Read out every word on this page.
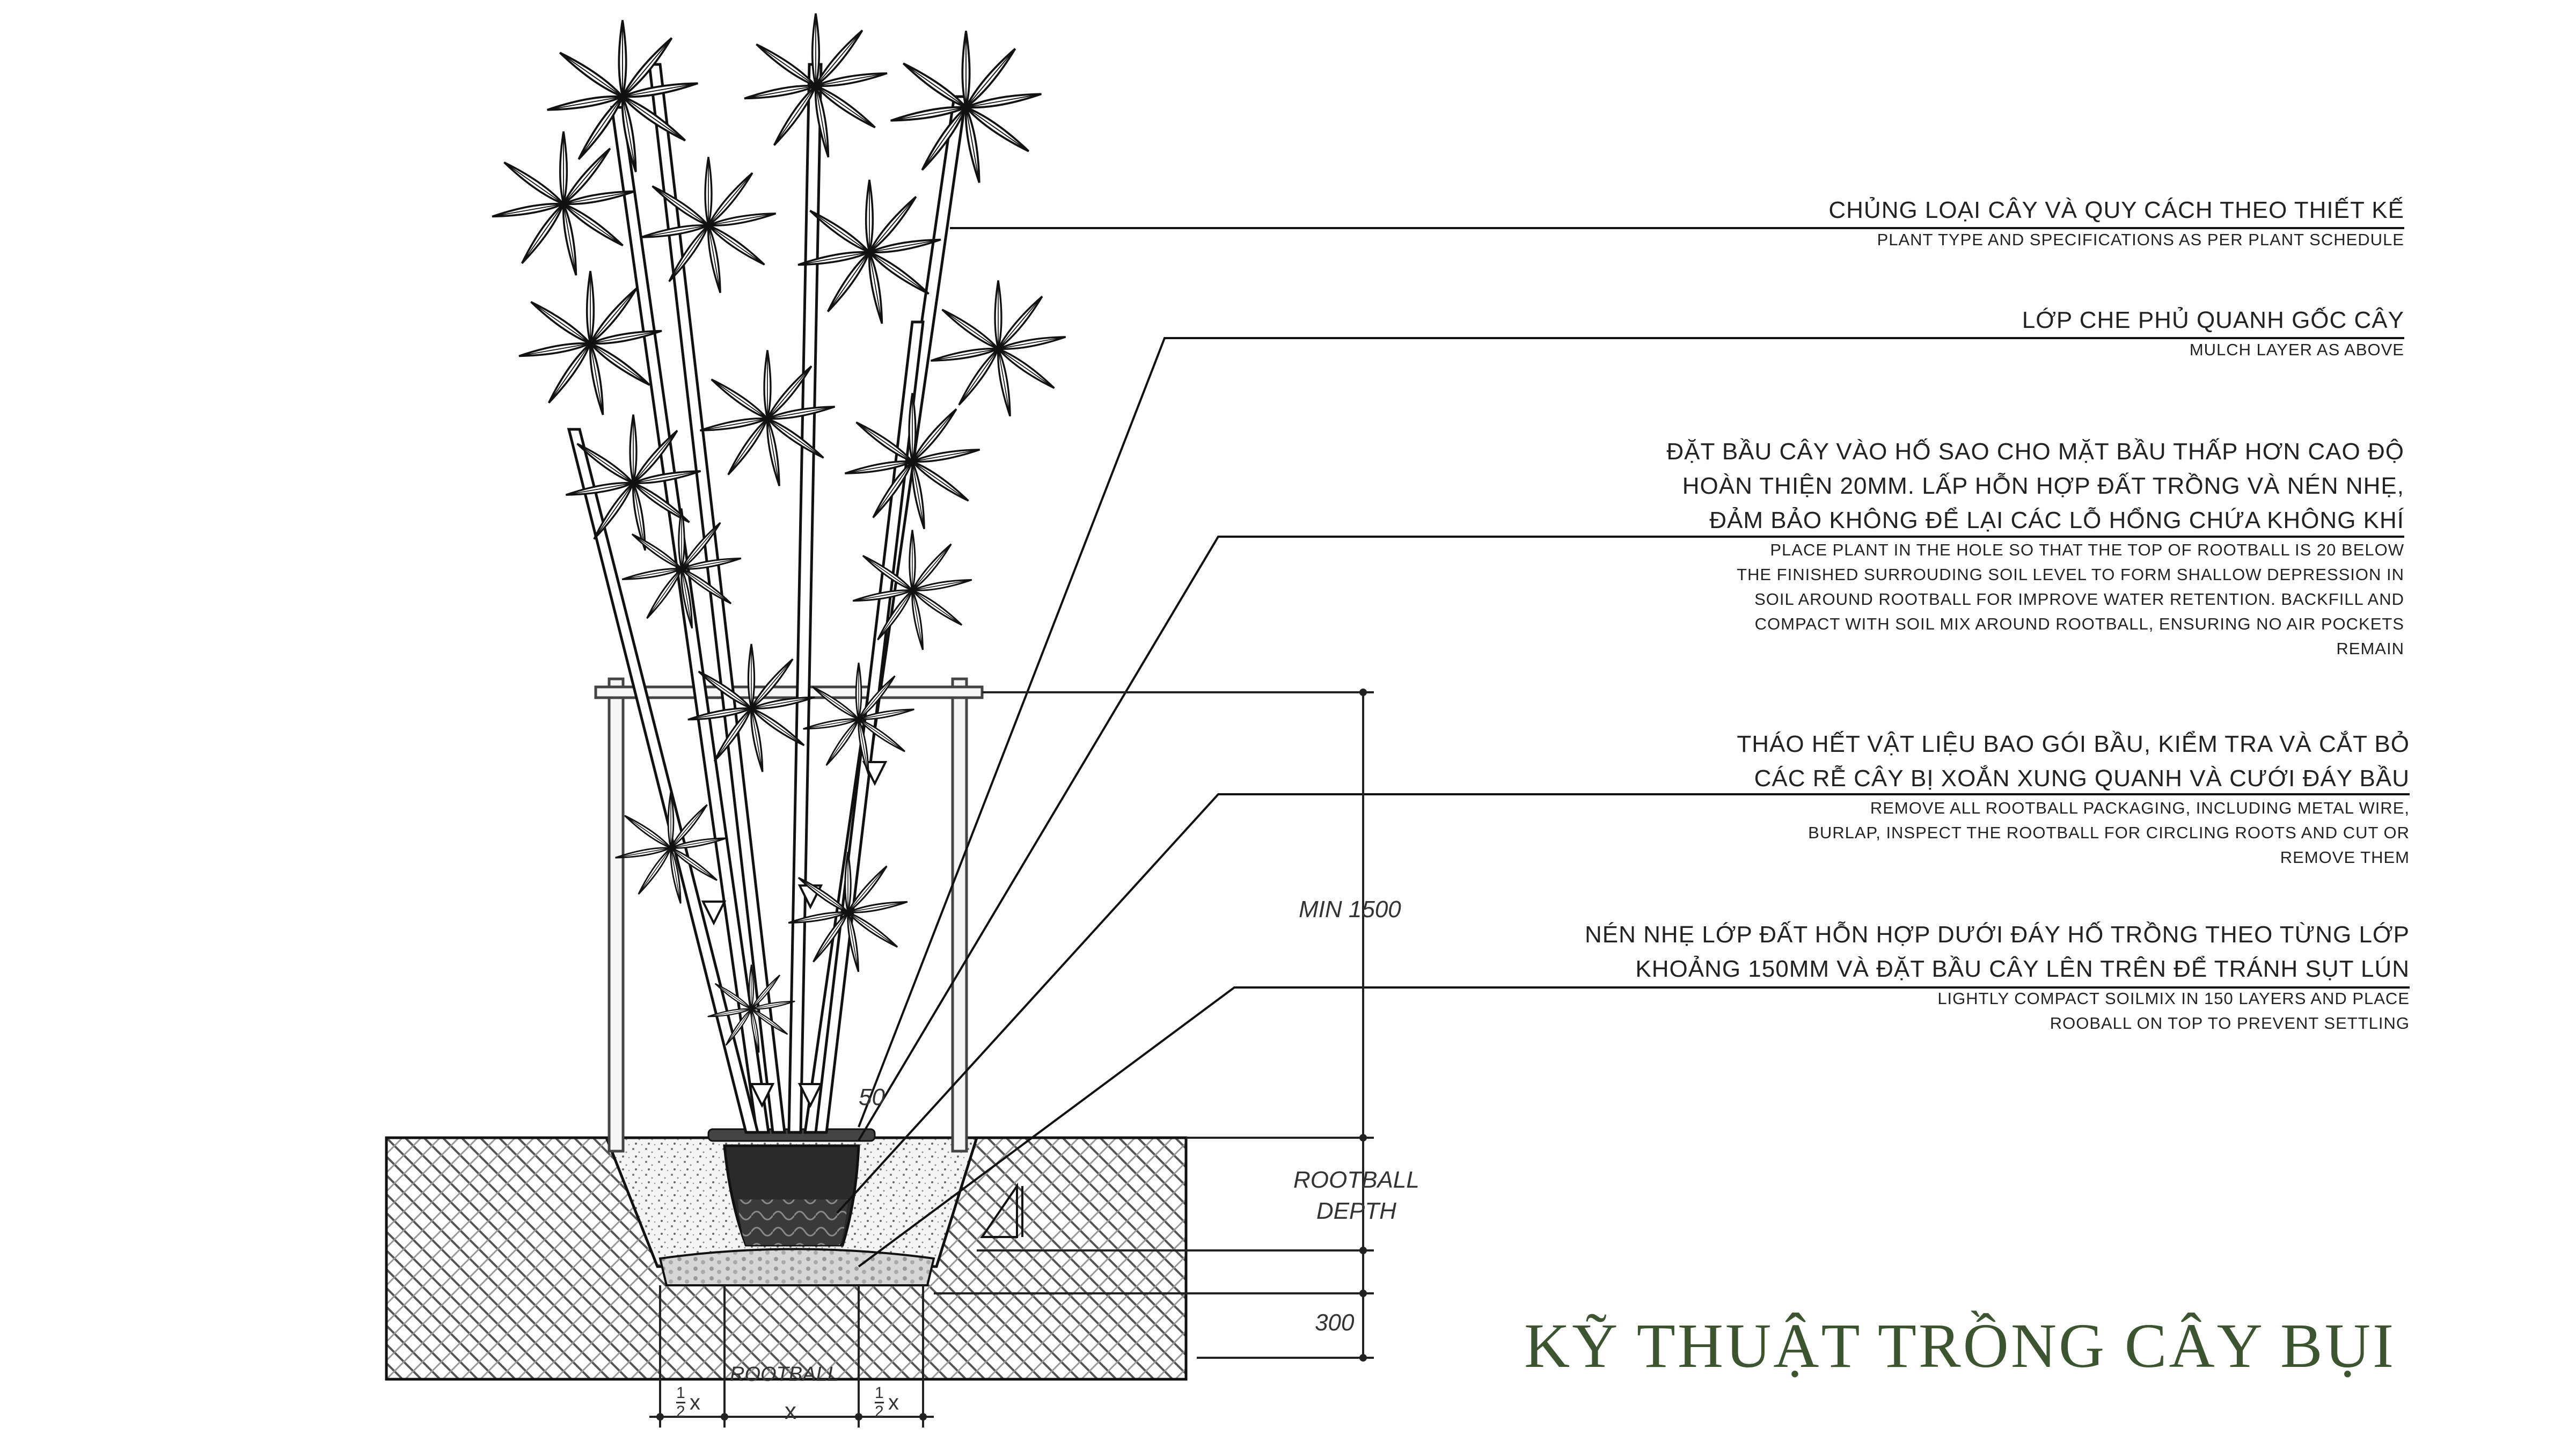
CHỦNG LOẠI CÂY VÀ QUY CÁCH THEO THIẾT KẾ
PLANT TYPE AND SPECIFICATIONS AS PER PLANT SCHEDULE
LỚP CHE PHỦ QUANH GỐC CÂY
MULCH LAYER AS ABOVE
ĐẶT BẦU CÂY VÀO HỐ SAO CHO MẶT BẦU THẤP HƠN CAO ĐỘ
HOÀN THIỆN 20MM. LẤP HỖN HỢP ĐẤT TRỒNG VÀ NÉN NHẸ,
ĐẢM BẢO KHÔNG ĐỂ LẠI CÁC LỖ HỔNG CHỨA KHÔNG KHÍ
PLACE PLANT IN THE HOLE SO THAT THE TOP OF ROOTBALL IS 20 BELOW
THE FINISHED SURROUDING SOIL LEVEL TO FORM SHALLOW DEPRESSION IN
SOIL AROUND ROOTBALL FOR IMPROVE WATER RETENTION. BACKFILL AND
COMPACT WITH SOIL MIX AROUND ROOTBALL, ENSURING NO AIR POCKETS
REMAIN
THÁO HẾT VẬT LIỆU BAO GÓI BẦU, KIỂM TRA VÀ CẮT BỎ
CÁC RỄ CÂY BỊ XOẮN XUNG QUANH VÀ CƯỚI ĐÁY BẦU
REMOVE ALL ROOTBALL PACKAGING, INCLUDING METAL WIRE,
BURLAP, INSPECT THE ROOTBALL FOR CIRCLING ROOTS AND CUT OR
REMOVE THEM
NÉN NHẸ LỚP ĐẤT HỖN HỢP DƯỚI ĐÁY HỐ TRỒNG THEO TỪNG LỚP
KHOẢNG 150MM VÀ ĐẶT BẦU CÂY LÊN TRÊN ĐỂ TRÁNH SỤT LÚN
LIGHTLY COMPACT SOILMIX IN 150 LAYERS AND PLACE
ROOBALL ON TOP TO PREVENT SETTLING
MIN 1500
ROOTBALL
DEPTH
300
50
ROOTBALL
x
$\frac{1}{2}$ x	$\frac{1}{2}$ x
KỸ THUẬT TRỒNG CÂY BỤI
